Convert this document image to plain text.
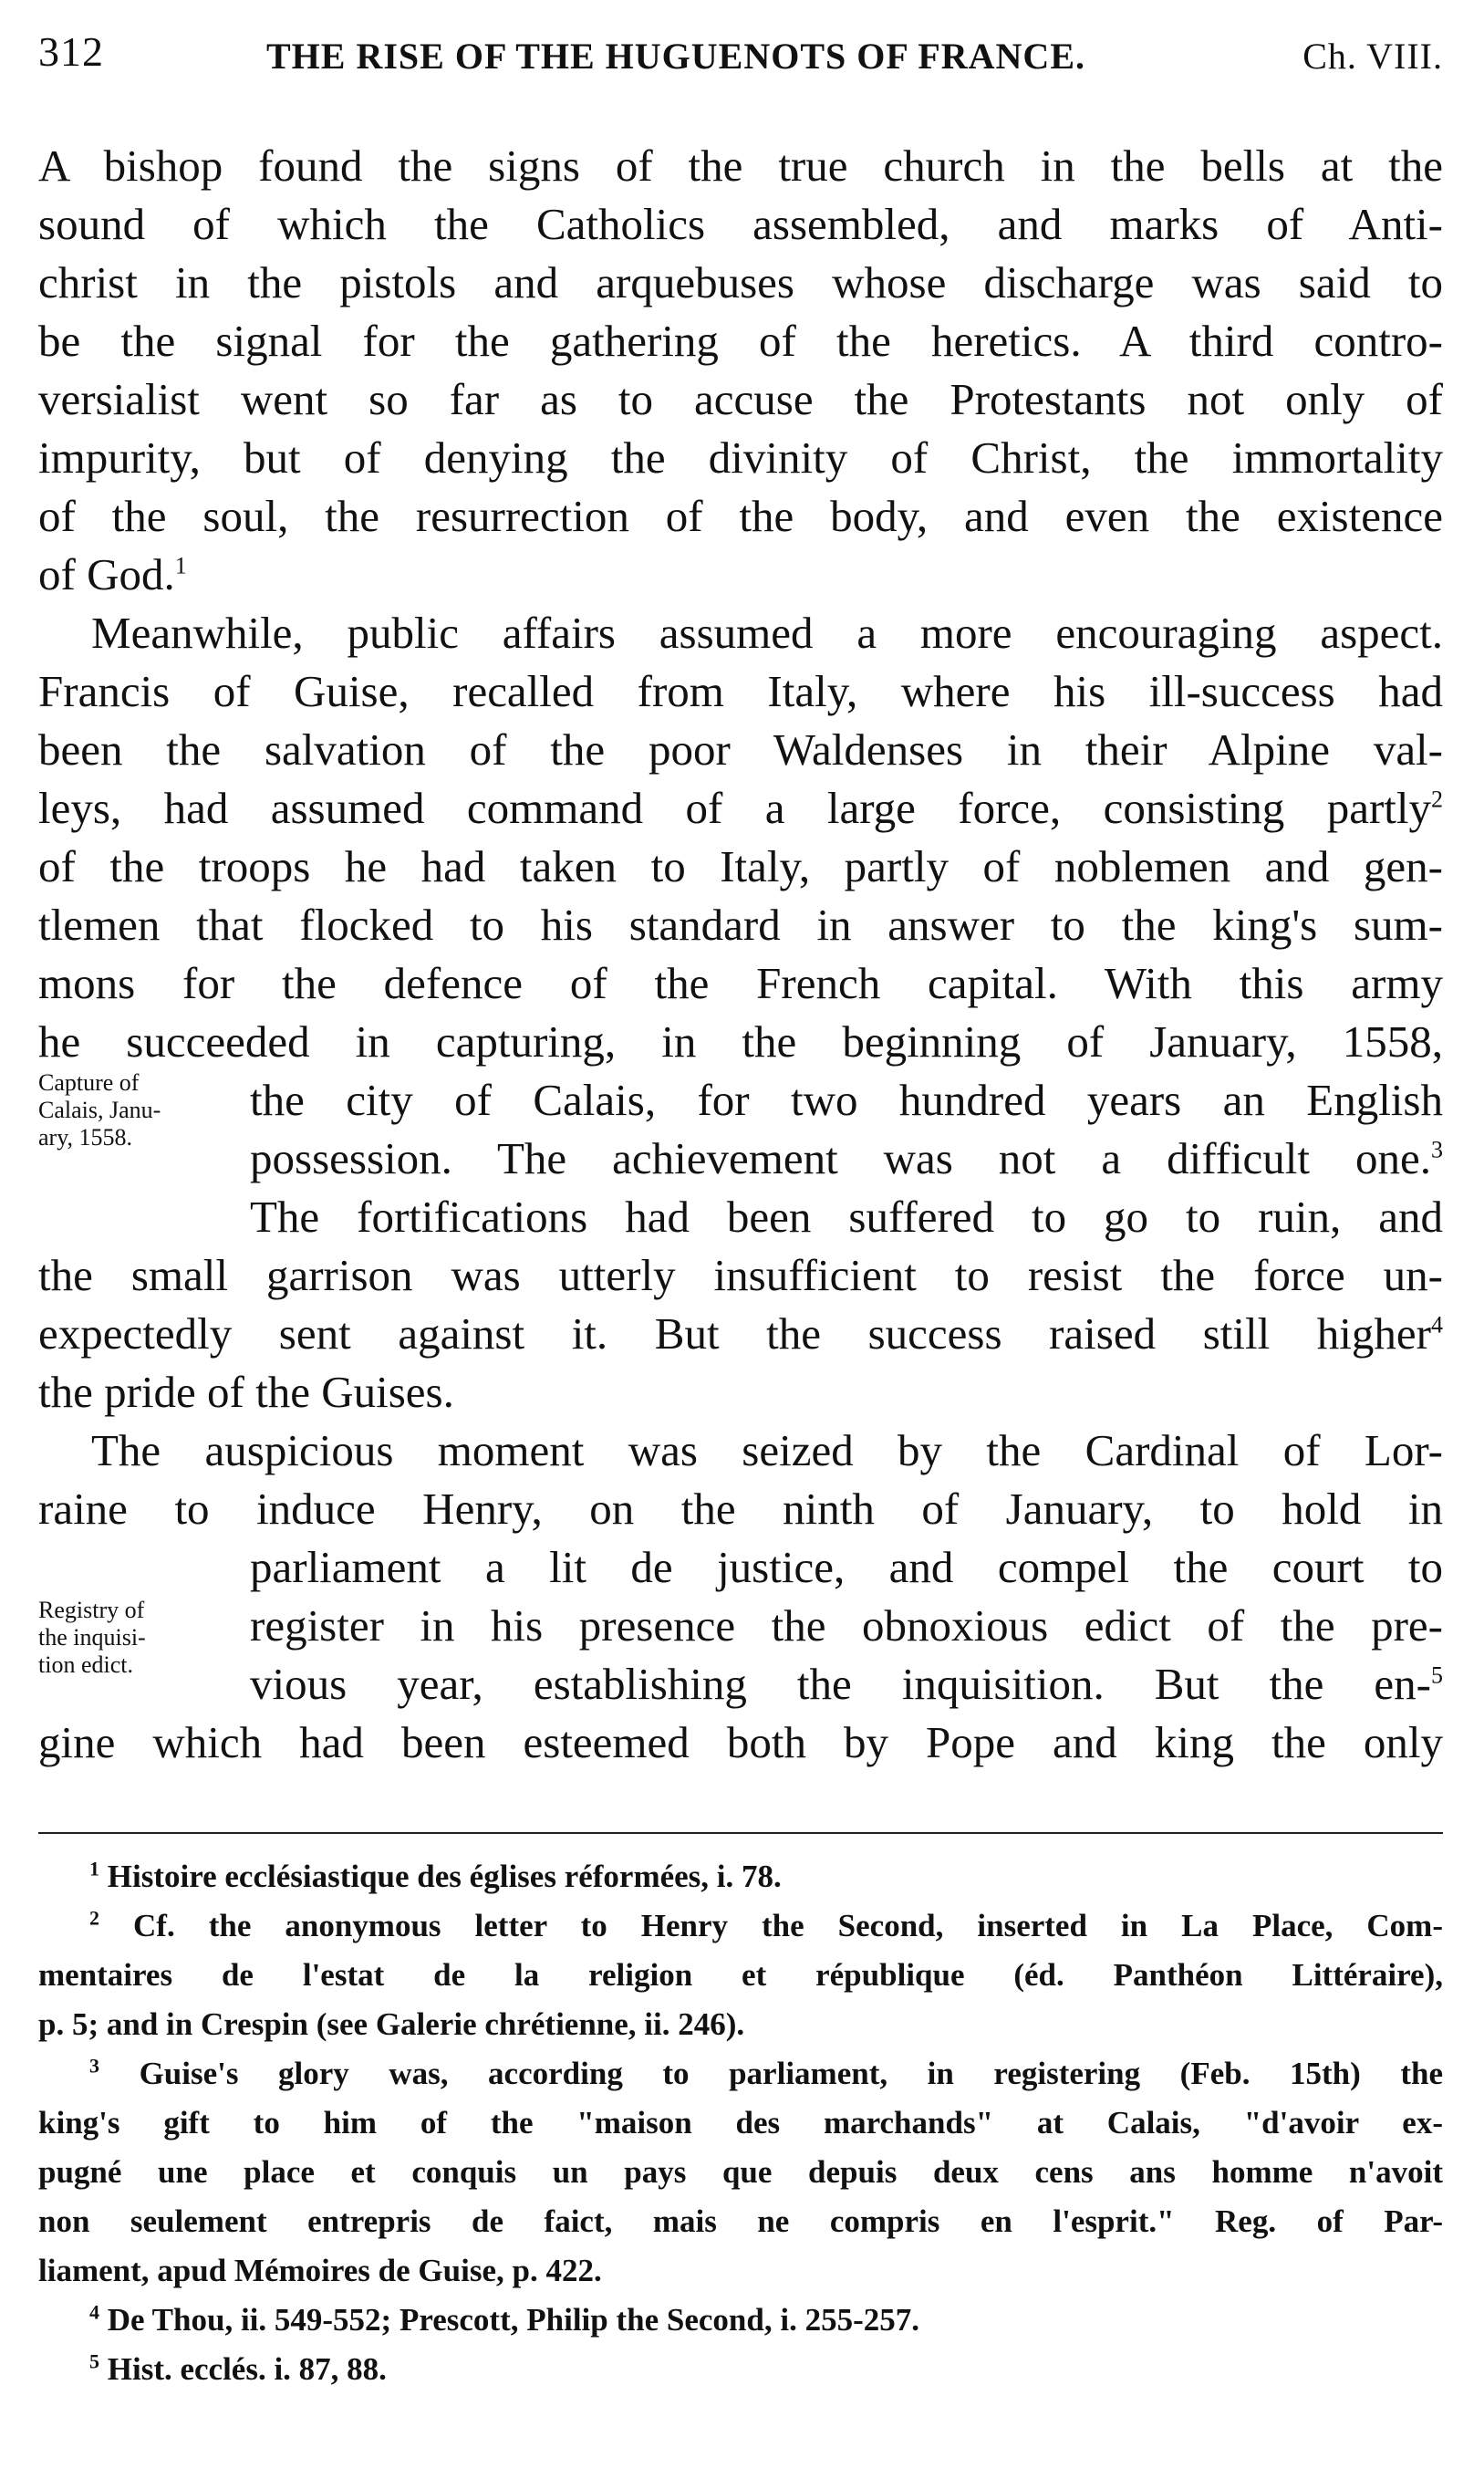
312	THE RISE OF THE HUGUENOTS OF FRANCE.	Ch. VIII.
A bishop found the signs of the true church in the bells at the
sound of which the Catholics assembled, and marks of Anti-
christ in the pistols and arquebuses whose discharge was said to
be the signal for the gathering of the heretics. A third contro-
versialist went so far as to accuse the Protestants not only of
impurity, but of denying the divinity of Christ, the immortality
of the soul, the resurrection of the body, and even the existence
of God.$^1$
Meanwhile, public affairs assumed a more encouraging aspect.
Francis of Guise, recalled from Italy, where his ill-success had
been the salvation of the poor Waldenses in their Alpine val-
leys, had assumed command of a large force, consisting partly$^2$
of the troops he had taken to Italy, partly of noblemen and gen-
tlemen that flocked to his standard in answer to the king's sum-
mons for the defence of the French capital. With this army
he succeeded in capturing, in the beginning of January, 1558,
the city of Calais, for two hundred years an English
possession. The achievement was not a difficult one.$^3$
The fortifications had been suffered to go to ruin, and
the small garrison was utterly insufficient to resist the force un-
expectedly sent against it. But the success raised still higher$^4$
the pride of the Guises.
The auspicious moment was seized by the Cardinal of Lor-
raine to induce Henry, on the ninth of January, to hold in
parliament a lit de justice, and compel the court to
register in his presence the obnoxious edict of the pre-
vious year, establishing the inquisition. But the en-$^5$
gine which had been esteemed both by Pope and king the only
Capture of
Calais, Janu-
ary, 1558.
Registry of
the inquisi-
tion edict.
$^1$ Histoire ecclésiastique des églises réformées, i. 78.
$^2$ Cf. the anonymous letter to Henry the Second, inserted in La Place, Com-
mentaires de l'estat de la religion et république (éd. Panthéon Littéraire),
p. 5; and in Crespin (see Galerie chrétienne, ii. 246).
$^3$ Guise's glory was, according to parliament, in registering (Feb. 15th) the
king's gift to him of the "maison des marchands" at Calais, "d'avoir ex-
pugné une place et conquis un pays que depuis deux cens ans homme n'avoit
non seulement entrepris de faict, mais ne compris en l'esprit." Reg. of Par-
liament, apud Mémoires de Guise, p. 422.
$^4$ De Thou, ii. 549-552; Prescott, Philip the Second, i. 255-257.
$^5$ Hist. ecclés. i. 87, 88.
